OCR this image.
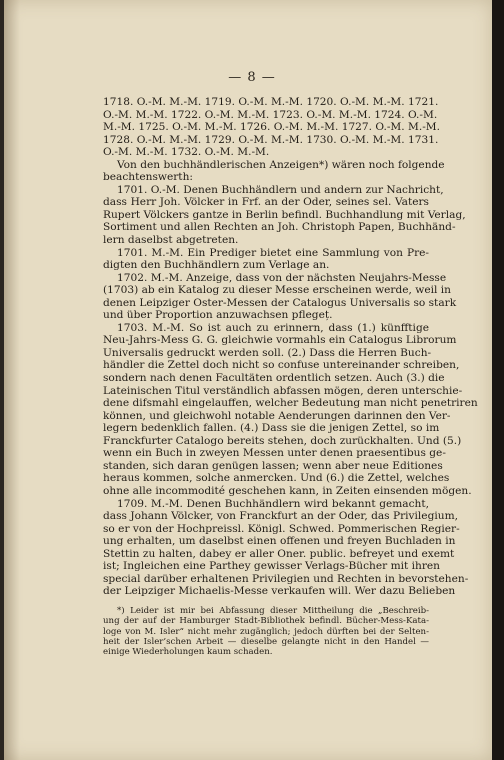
— 8 —
1718. O.-M. M.-M. 1719. O.-M. M.-M. 1720. O.-M. M.-M. 1721.
O.-M. M.-M. 1722. O.-M. M.-M. 1723. O.-M. M.-M. 1724. O.-M.
M.-M. 1725. O.-M. M.-M. 1726. O.-M. M.-M. 1727. O.-M. M.-M.
1728. O.-M. M.-M. 1729. O.-M. M.-M. 1730. O.-M. M.-M. 1731.
O.-M. M.-M. 1732. O.-M. M.-M.
Von den buchhändlerischen Anzeigen*) wären noch folgende
beachtenswerth:
1701. O.-M. Denen Buchhändlern und andern zur Nachricht,
dass Herr Joh. Völcker in Frf. an der Oder, seines sel. Vaters
Rupert Völckers gantze in Berlin befindl. Buchhandlung mit Verlag,
Sortiment und allen Rechten an Joh. Christoph Papen, Buchhänd-
lern daselbst abgetreten.
1701. M.-M. Ein Prediger bietet eine Sammlung von Pre-
digten den Buchhändlern zum Verlage an.
1702. M.-M. Anzeige, dass von der nächsten Neujahrs-Messe
(1703) ab ein Katalog zu dieser Messe erscheinen werde, weil in
denen Leipziger Oster-Messen der Catalogus Universalis so stark
und über Proportion anzuwachsen pflegeț.
1703. M.-M. So ist auch zu erinnern, dass (1.) künfftige
Neu-Jahrs-Mess G. G. gleichwie vormahls ein Catalogus Librorum
Universalis gedruckt werden soll. (2.) Dass die Herren Buch-
händler die Zettel doch nicht so confuse untereinander schreiben,
sondern nach denen Facultäten ordentlich setzen. Auch (3.) die
Lateinischen Titul verständlich abfassen mögen, deren unterschie-
dene difsmahl eingelauffen, welcher Bedeutung man nicht penetriren
können, und gleichwohl notable Aenderungen darinnen den Ver-
legern bedenklich fallen. (4.) Dass sie die jenigen Zettel, so im
Franckfurter Catalogo bereits stehen, doch zurückhalten. Und (5.)
wenn ein Buch in zweyen Messen unter denen praesentibus ge-
standen, sich daran genügen lassen; wenn aber neue Editiones
heraus kommen, solche anmercken. Und (6.) die Zettel, welches
ohne alle incommodité geschehen kann, in Zeiten einsenden mögen.
1709. M.-M. Denen Buchhändlern wird bekannt gemacht,
dass Johann Völcker, von Franckfurt an der Oder, das Privilegium,
so er von der Hochpreissl. Königl. Schwed. Pommerischen Regier-
ung erhalten, um daselbst einen offenen und freyen Buchladen in
Stettin zu halten, dabey er aller Oner. public. befreyet und exemt
ist; Ingleichen eine Parthey gewisser Verlags-Bücher mit ihren
special darüber erhaltenen Privilegien und Rechten in bevorstehen-
der Leipziger Michaelis-Messe verkaufen will. Wer dazu Belieben
*) Leider ist mir bei Abfassung dieser Mittheilung die „Beschreib-
ung der auf der Hamburger Stadt-Bibliothek befindl. Bücher-Mess-Kata-
loge von M. Isler“ nicht mehr zugänglich; jedoch dürften bei der Selten-
heit der Isler’schen Arbeit — dieselbe gelangte nicht in den Handel —
einige Wiederholungen kaum schaden.
